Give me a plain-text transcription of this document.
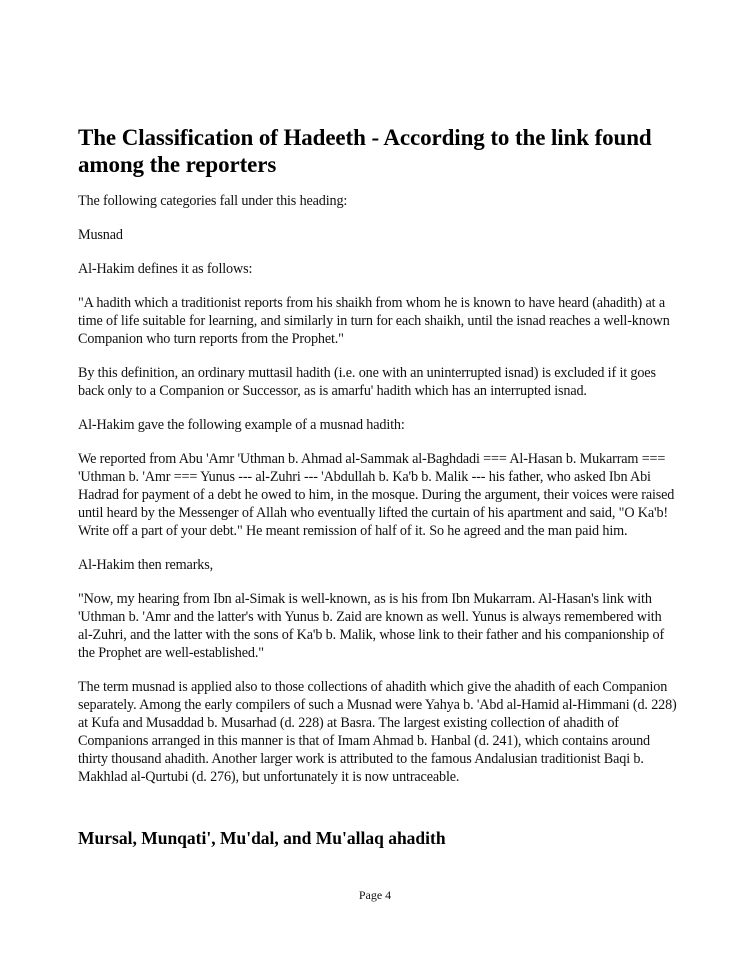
The Classification of Hadeeth - According to the link found among the reporters

The following categories fall under this heading:

Musnad

Al-Hakim defines it as follows:

"A hadith which a traditionist reports from his shaikh from whom he is known to have heard (ahadith) at a time of life suitable for learning, and similarly in turn for each shaikh, until the isnad reaches a well-known Companion who turn reports from the Prophet."

By this definition, an ordinary muttasil hadith (i.e. one with an uninterrupted isnad) is excluded if it goes back only to a Companion or Successor, as is amarfu' hadith which has an interrupted isnad.

Al-Hakim gave the following example of a musnad hadith:

We reported from Abu 'Amr 'Uthman b. Ahmad al-Sammak al-Baghdadi === Al-Hasan b. Mukarram === 'Uthman b. 'Amr === Yunus --- al-Zuhri --- 'Abdullah b. Ka'b b. Malik --- his father, who asked Ibn Abi Hadrad for payment of a debt he owed to him, in the mosque. During the argument, their voices were raised until heard by the Messenger of Allah who eventually lifted the curtain of his apartment and said, "O Ka'b! Write off a part of your debt." He meant remission of half of it. So he agreed and the man paid him.

Al-Hakim then remarks,

"Now, my hearing from Ibn al-Simak is well-known, as is his from Ibn Mukarram. Al-Hasan's link with 'Uthman b. 'Amr and the latter's with Yunus b. Zaid are known as well. Yunus is always remembered with al-Zuhri, and the latter with the sons of Ka'b b. Malik, whose link to their father and his companionship of the Prophet are well-established."

The term musnad is applied also to those collections of ahadith which give the ahadith of each Companion separately. Among the early compilers of such a Musnad were Yahya b. 'Abd al-Hamid al-Himmani (d. 228) at Kufa and Musaddad b. Musarhad (d. 228) at Basra. The largest existing collection of ahadith of Companions arranged in this manner is that of Imam Ahmad b. Hanbal (d. 241), which contains around thirty thousand ahadith. Another larger work is attributed to the famous Andalusian traditionist Baqi b. Makhlad al-Qurtubi (d. 276), but unfortunately it is now untraceable.

Mursal, Munqati', Mu'dal, and Mu'allaq ahadith
Page 4
